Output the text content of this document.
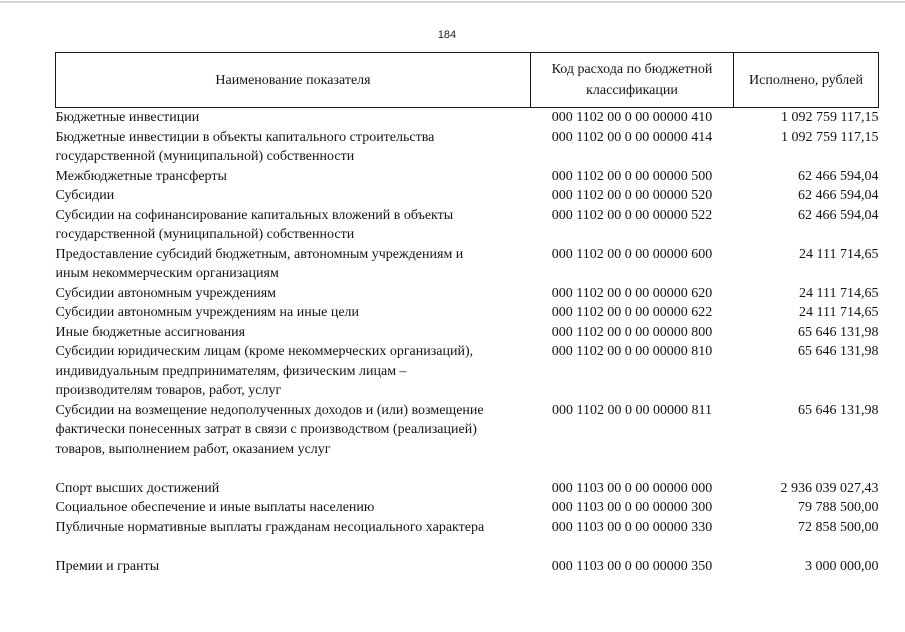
184
Наименование показателя	Код расхода по бюджетной классификации	Исполнено, рублей

Бюджетные инвестиции	000 1102 00 0 00 00000 410	1 092 759 117,15

Бюджетные инвестиции в объекты капитального строительства
государственной (муниципальной) собственности	000 1102 00 0 00 00000 414	1 092 759 117,15

Межбюджетные трансферты	000 1102 00 0 00 00000 500	62 466 594,04

Субсидии	000 1102 00 0 00 00000 520	62 466 594,04

Субсидии на софинансирование капитальных вложений в объекты
государственной (муниципальной) собственности	000 1102 00 0 00 00000 522	62 466 594,04

Предоставление субсидий бюджетным, автономным учреждениям и
иным некоммерческим организациям	000 1102 00 0 00 00000 600	24 111 714,65

Субсидии автономным учреждениям	000 1102 00 0 00 00000 620	24 111 714,65

Субсидии автономным учреждениям на иные цели	000 1102 00 0 00 00000 622	24 111 714,65

Иные бюджетные ассигнования	000 1102 00 0 00 00000 800	65 646 131,98

Субсидии юридическим лицам (кроме некоммерческих организаций),
индивидуальным предпринимателям, физическим лицам –
производителям товаров, работ, услуг	000 1102 00 0 00 00000 810	65 646 131,98

Субсидии на возмещение недополученных доходов и (или) возмещение
фактически понесенных затрат в связи с производством (реализацией)
товаров, выполнением работ, оказанием услуг	000 1102 00 0 00 00000 811	65 646 131,98

Спорт высших достижений	000 1103 00 0 00 00000 000	2 936 039 027,43

Социальное обеспечение и иные выплаты населению	000 1103 00 0 00 00000 300	79 788 500,00

Публичные нормативные выплаты гражданам несоциального характера	000 1103 00 0 00 00000 330	72 858 500,00

Премии и гранты	000 1103 00 0 00 00000 350	3 000 000,00
